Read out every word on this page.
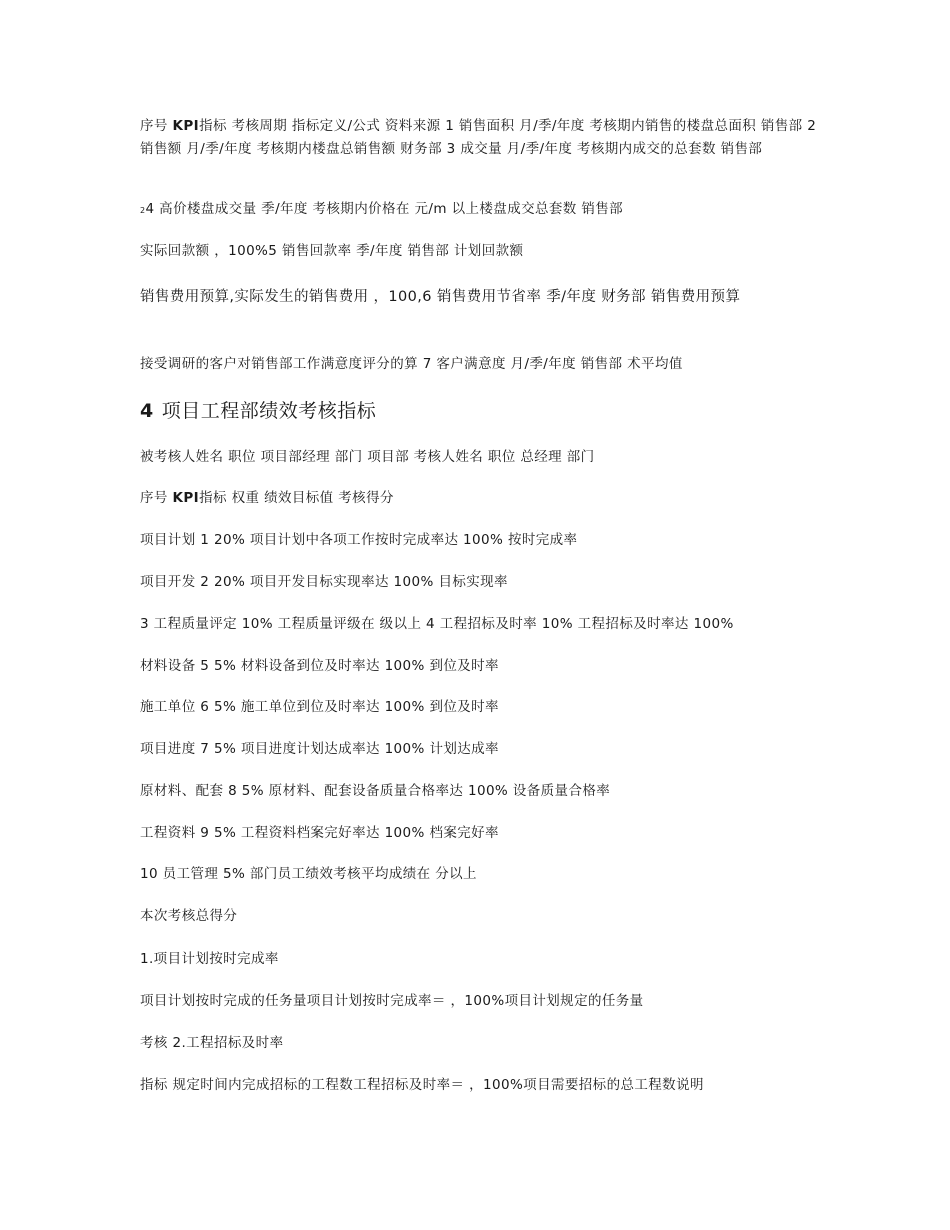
序号 KPI指标 考核周期 指标定义/公式 资料来源 1 销售面积 月/季/年度 考核期内销售的楼盘总面积 销售部 2 销售额 月/季/年度 考核期内楼盘总销售额 财务部 3 成交量 月/季/年度 考核期内成交的总套数 销售部
24 高价楼盘成交量 季/年度 考核期内价格在 元/m 以上楼盘成交总套数 销售部
实际回款额 ，100%5 销售回款率 季/年度 销售部 计划回款额
销售费用预算,实际发生的销售费用 ，100,6 销售费用节省率 季/年度 财务部 销售费用预算
接受调研的客户对销售部工作满意度评分的算 7 客户满意度 月/季/年度 销售部 术平均值
4 项目工程部绩效考核指标
被考核人姓名 职位 项目部经理 部门 项目部 考核人姓名 职位 总经理 部门
序号 KPI指标 权重 绩效目标值 考核得分
项目计划 1 20% 项目计划中各项工作按时完成率达 100% 按时完成率
项目开发 2 20% 项目开发目标实现率达 100% 目标实现率
3 工程质量评定 10% 工程质量评级在 级以上 4 工程招标及时率 10% 工程招标及时率达 100%
材料设备 5 5% 材料设备到位及时率达 100% 到位及时率
施工单位 6 5% 施工单位到位及时率达 100% 到位及时率
项目进度 7 5% 项目进度计划达成率达 100% 计划达成率
原材料、配套 8 5% 原材料、配套设备质量合格率达 100% 设备质量合格率
工程资料 9 5% 工程资料档案完好率达 100% 档案完好率
10 员工管理 5% 部门员工绩效考核平均成绩在 分以上
本次考核总得分
1.项目计划按时完成率
项目计划按时完成的任务量项目计划按时完成率＝ ，100%项目计划规定的任务量
考核 2.工程招标及时率
指标 规定时间内完成招标的工程数工程招标及时率＝ ，100%项目需要招标的总工程数说明
